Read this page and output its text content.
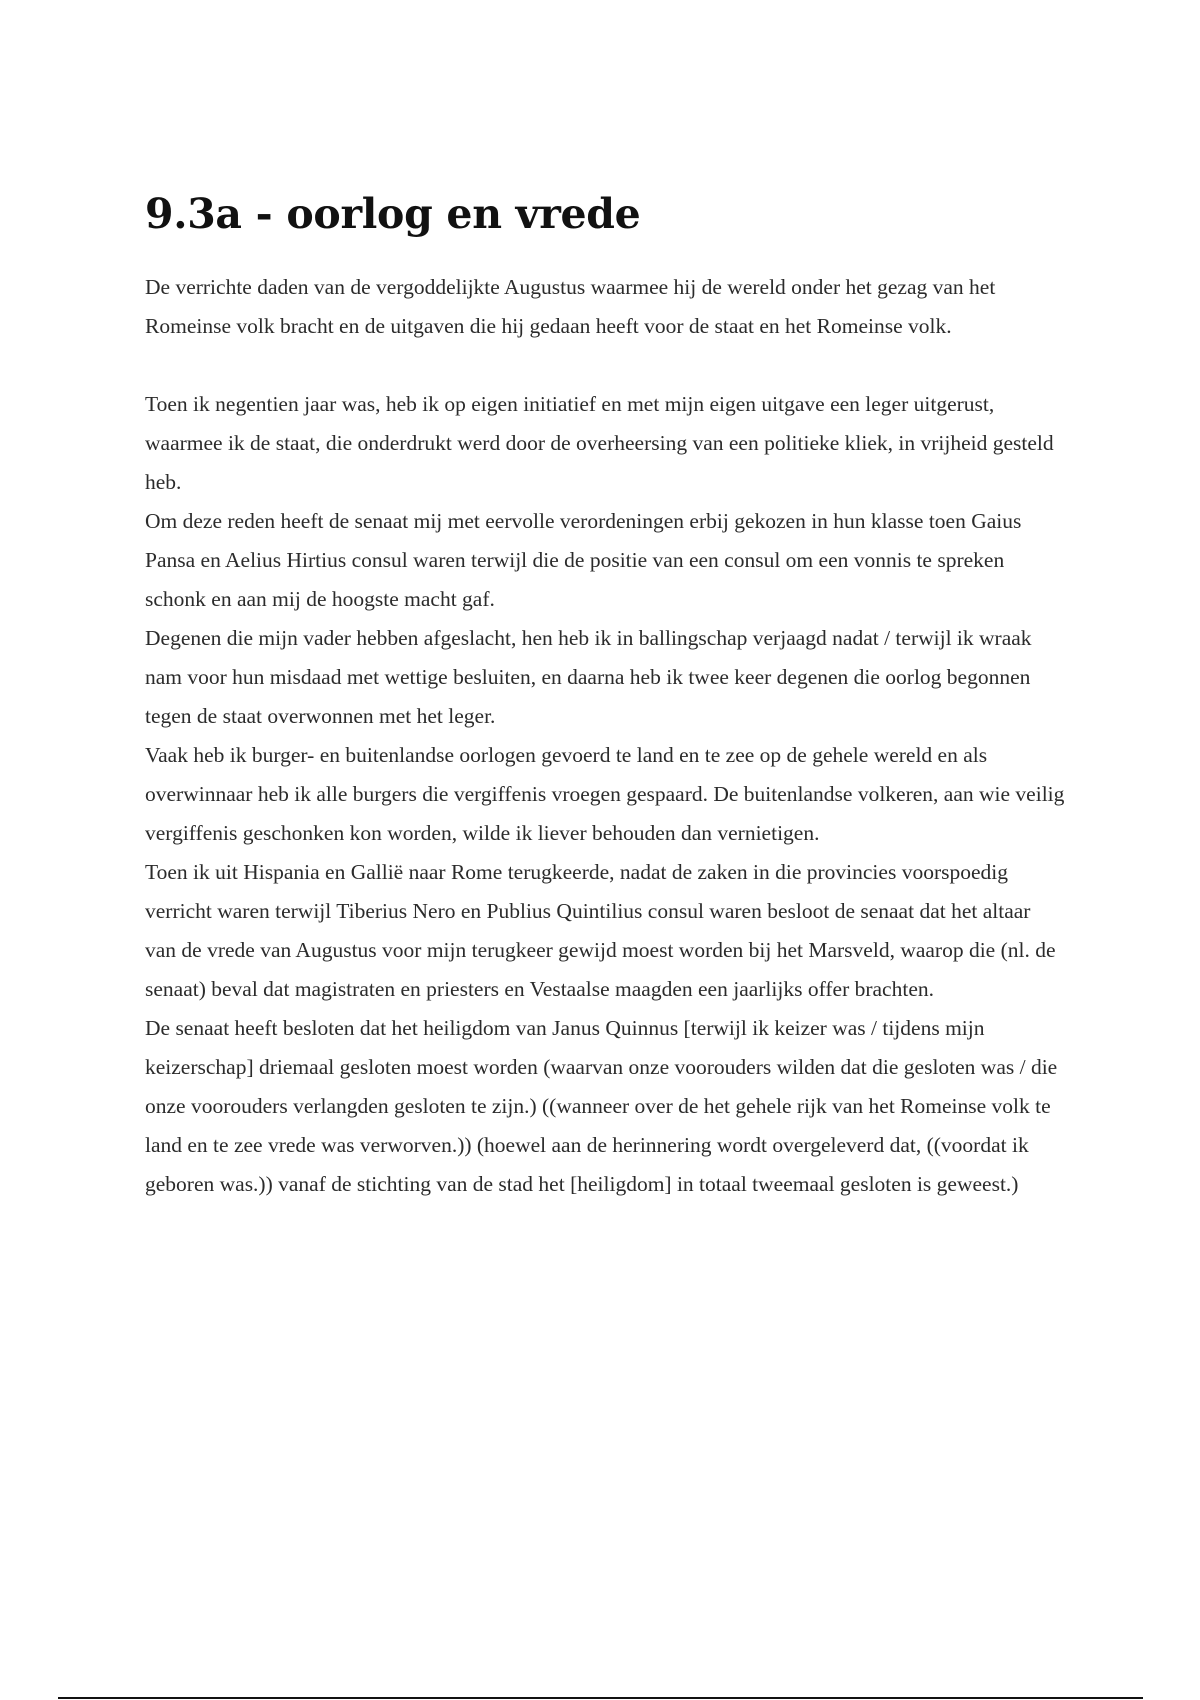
9.3a - oorlog en vrede

De verrichte daden van de vergoddelijkte Augustus waarmee hij de wereld onder het gezag van het Romeinse volk bracht en de uitgaven die hij gedaan heeft voor de staat en het Romeinse volk.

Toen ik negentien jaar was, heb ik op eigen initiatief en met mijn eigen uitgave een leger uitgerust, waarmee ik de staat, die onderdrukt werd door de overheersing van een politieke kliek, in vrijheid gesteld heb.

Om deze reden heeft de senaat mij met eervolle verordeningen erbij gekozen in hun klasse toen Gaius Pansa en Aelius Hirtius consul waren terwijl die de positie van een consul om een vonnis te spreken schonk en aan mij de hoogste macht gaf.

Degenen die mijn vader hebben afgeslacht, hen heb ik in ballingschap verjaagd nadat / terwijl ik wraak nam voor hun misdaad met wettige besluiten, en daarna heb ik twee keer degenen die oorlog begonnen tegen de staat overwonnen met het leger.

Vaak heb ik burger- en buitenlandse oorlogen gevoerd te land en te zee op de gehele wereld en als overwinnaar heb ik alle burgers die vergiffenis vroegen gespaard. De buitenlandse volkeren, aan wie veilig vergiffenis geschonken kon worden, wilde ik liever behouden dan vernietigen.

Toen ik uit Hispania en Gallië naar Rome terugkeerde, nadat de zaken in die provincies voorspoedig verricht waren terwijl Tiberius Nero en Publius Quintilius consul waren besloot de senaat dat het altaar van de vrede van Augustus voor mijn terugkeer gewijd moest worden bij het Marsveld, waarop die (nl. de senaat) beval dat magistraten en priesters en Vestaalse maagden een jaarlijks offer brachten.

De senaat heeft besloten dat het heiligdom van Janus Quinnus [terwijl ik keizer was / tijdens mijn keizerschap] driemaal gesloten moest worden (waarvan onze voorouders wilden dat die gesloten was / die onze voorouders verlangden gesloten te zijn.) ((wanneer over de het gehele rijk van het Romeinse volk te land en te zee vrede was verworven.)) (hoewel aan de herinnering wordt overgeleverd dat, ((voordat ik geboren was.)) vanaf de stichting van de stad het [heiligdom] in totaal tweemaal gesloten is geweest.)
